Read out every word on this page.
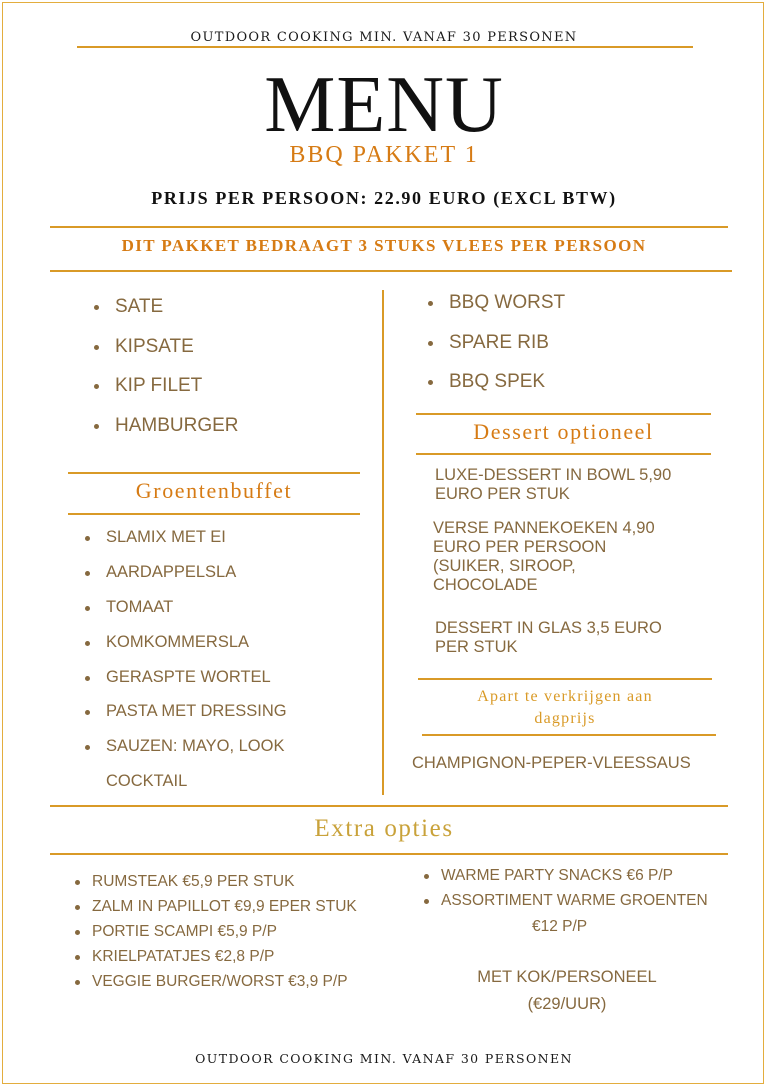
OUTDOOR COOKING MIN. VANAF 30 PERSONEN
MENU
BBQ PAKKET 1
PRIJS PER PERSOON: 22.90 EURO (EXCL BTW)
DIT PAKKET BEDRAAGT 3 STUKS VLEES PER PERSOON
SATE
KIPSATE
KIP FILET
HAMBURGER
BBQ WORST
SPARE RIB
BBQ SPEK
Groentenbuffet
SLAMIX MET EI
AARDAPPELSLA
TOMAAT
KOMKOMMERSLA
GERASPTE WORTEL
PASTA MET DRESSING
SAUZEN: MAYO, LOOK
COCKTAIL
Dessert optioneel
LUXE-DESSERT IN BOWL 5,90
EURO PER STUK
VERSE PANNEKOEKEN 4,90
EURO PER PERSOON
(SUIKER, SIROOP,
CHOCOLADE
DESSERT IN GLAS 3,5 EURO
PER STUK
Apart te verkrijgen aan
dagprijs
CHAMPIGNON-PEPER-VLEESSAUS
Extra opties
RUMSTEAK €5,9 PER STUK
ZALM IN PAPILLOT €9,9 EPER STUK
PORTIE SCAMPI €5,9 P/P
KRIELPATATJES €2,8 P/P
VEGGIE BURGER/WORST €3,9 P/P
WARME PARTY SNACKS €6 P/P
ASSORTIMENT WARME GROENTEN
€12 P/P
MET KOK/PERSONEEL
(€29/UUR)
OUTDOOR COOKING MIN. VANAF 30 PERSONEN
